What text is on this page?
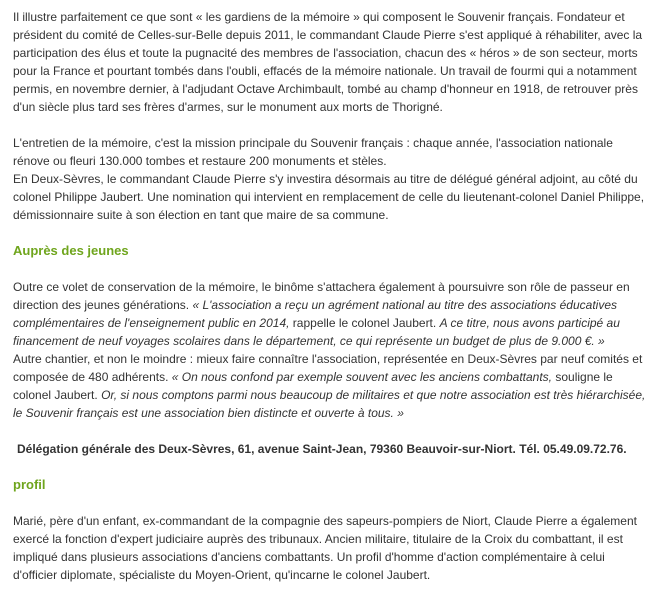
Il illustre parfaitement ce que sont « les gardiens de la mémoire » qui composent le Souvenir français. Fondateur et président du comité de Celles-sur-Belle depuis 2011, le commandant Claude Pierre s'est appliqué à réhabiliter, avec la participation des élus et toute la pugnacité des membres de l'association, chacun des « héros » de son secteur, morts pour la France et pourtant tombés dans l'oubli, effacés de la mémoire nationale. Un travail de fourmi qui a notamment permis, en novembre dernier, à l'adjudant Octave Archimbault, tombé au champ d'honneur en 1918, de retrouver près d'un siècle plus tard ses frères d'armes, sur le monument aux morts de Thorigné.

L'entretien de la mémoire, c'est la mission principale du Souvenir français : chaque année, l'association nationale rénove ou fleuri 130.000 tombes et restaure 200 monuments et stèles.
En Deux-Sèvres, le commandant Claude Pierre s'y investira désormais au titre de délégué général adjoint, au côté du colonel Philippe Jaubert. Une nomination qui intervient en remplacement de celle du lieutenant-colonel Daniel Philippe, démissionnaire suite à son élection en tant que maire de sa commune.

Auprès des jeunes

Outre ce volet de conservation de la mémoire, le binôme s'attachera également à poursuivre son rôle de passeur en direction des jeunes générations. « L'association a reçu un agrément national au titre des associations éducatives complémentaires de l'enseignement public en 2014, rappelle le colonel Jaubert. A ce titre, nous avons participé au financement de neuf voyages scolaires dans le département, ce qui représente un budget de plus de 9.000 €. »
Autre chantier, et non le moindre : mieux faire connaître l'association, représentée en Deux-Sèvres par neuf comités et composée de 480 adhérents. « On nous confond par exemple souvent avec les anciens combattants, souligne le colonel Jaubert. Or, si nous comptons parmi nous beaucoup de militaires et que notre association est très hiérarchisée, le Souvenir français est une association bien distincte et ouverte à tous. »

Délégation générale des Deux-Sèvres, 61, avenue Saint-Jean, 79360 Beauvoir-sur-Niort. Tél. 05.49.09.72.76.

profil

Marié, père d'un enfant, ex-commandant de la compagnie des sapeurs-pompiers de Niort, Claude Pierre a également exercé la fonction d'expert judiciaire auprès des tribunaux. Ancien militaire, titulaire de la Croix du combattant, il est impliqué dans plusieurs associations d'anciens combattants. Un profil d'homme d'action complémentaire à celui d'officier diplomate, spécialiste du Moyen-Orient, qu'incarne le colonel Jaubert.
